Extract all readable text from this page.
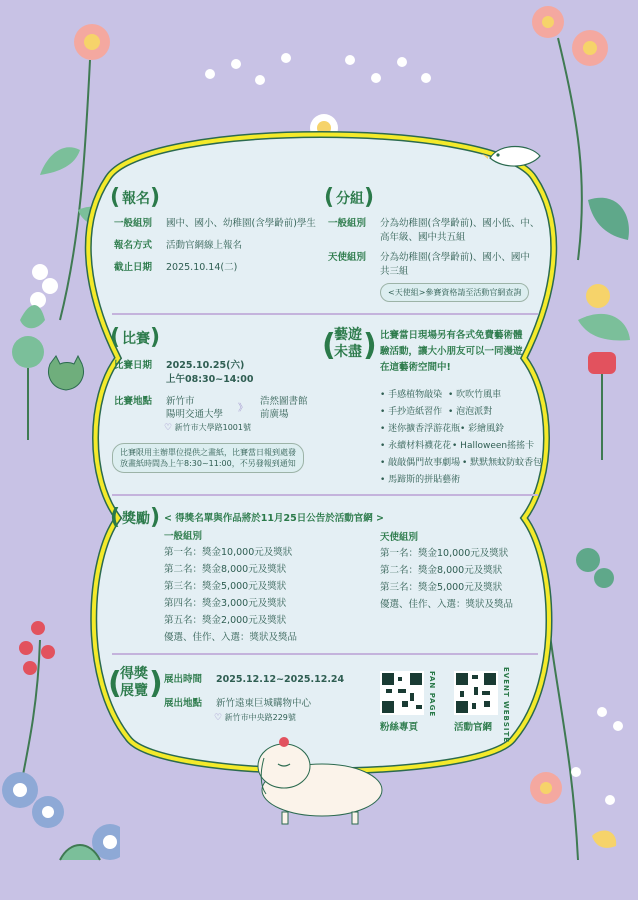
( 報名 )
一般組別 國中、國小、幼稚園(含學齡前)學生
報名方式 活動官網線上報名
截止日期 2025.10.14(二)
( 分組 )
一般組別 分為幼稚園(含學齡前)、國小低、中、
高年級、國中共五組
天使組別 分為幼稚園(含學齡前)、國小、國中
共三組
<天使組>參賽資格請至活動官網查詢
( 比賽 )
比賽日期 2025.10.25(六)
上午08:30~14:00
比賽地點 新竹市
陽明交通大學
》
浩然圖書館
前廣場
♡ 新竹市大學路1001號
比賽限用主辦單位提供之畫紙，比賽當日報到處發
放畫紙時間為上午8:30~11:00，不另發報到通知
(
藝遊
未盡 ) 比賽當日現場另有各式免費藝術體
驗活動，讓大小朋友可以一同漫遊
在這藝術空間中!
• 手感植物敲染 • 吹吹竹風車
• 手抄造紙習作 • 泡泡派對
• 迷你擴香浮游花瓶 • 彩繪風鈴
• 永續材料襪花花 • Halloween搖搖卡
• 敲敲偶門故事劇場 • 默默無蚊防蚊香包
• 馬蹄斯的拼貼藝術
( 獎勵 ) < 得獎名單與作品將於11月25日公告於活動官網 >
一般組別
第一名：獎金10,000元及獎狀
第二名：獎金8,000元及獎狀
第三名：獎金5,000元及獎狀
第四名：獎金3,000元及獎狀
第五名：獎金2,000元及獎狀
優選、佳作、入選：獎狀及獎品
天使組別
第一名：獎金10,000元及獎狀
第二名：獎金8,000元及獎狀
第三名：獎金5,000元及獎狀
優選、佳作、入選：獎狀及獎品
(
得獎
展覽 ) 展出時間 2025.12.12~2025.12.24
展出地點 新竹遠東巨城購物中心
♡ 新竹市中央路229號
FAN PAGE
粉絲專頁	EVENT WEBSITE
活動官網
